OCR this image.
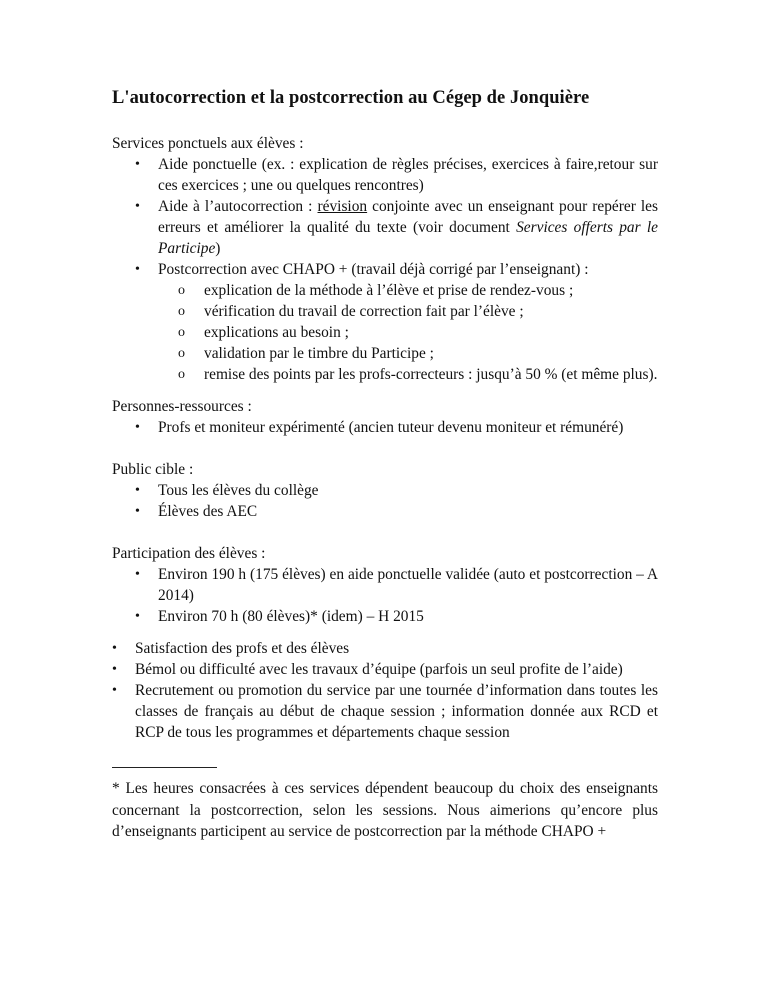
L'autocorrection et la postcorrection au Cégep de Jonquière

Services ponctuels aux élèves :

• Aide ponctuelle (ex. : explication de règles précises, exercices à faire,retour sur ces exercices ; une ou quelques rencontres)
• Aide à l’autocorrection : révision conjointe avec un enseignant pour repérer les erreurs et améliorer la qualité du texte (voir document Services offerts par le Participe)
• Postcorrection avec CHAPO + (travail déjà corrigé par l’enseignant) :
o explication de la méthode à l’élève et prise de rendez-vous ;
o vérification du travail de correction fait par l’élève ;
o explications au besoin ;
o validation par le timbre du Participe ;
o remise des points par les profs-correcteurs : jusqu’à 50 % (et même plus).

Personnes-ressources :

• Profs et moniteur expérimenté (ancien tuteur devenu moniteur et rémunéré)

Public cible :

• Tous les élèves du collège
• Élèves des AEC

Participation des élèves :

• Environ 190 h (175 élèves) en aide ponctuelle validée (auto et postcorrection – A 2014)
• Environ 70 h (80 élèves)* (idem) – H 2015
• Satisfaction des profs et des élèves
• Bémol ou difficulté avec les travaux d’équipe (parfois un seul profite de l’aide)
• Recrutement ou promotion du service par une tournée d’information dans toutes les classes de français au début de chaque session ; information donnée aux RCD et RCP de tous les programmes et départements chaque session

* Les heures consacrées à ces services dépendent beaucoup du choix des enseignants concernant la postcorrection, selon les sessions. Nous aimerions qu’encore plus d’enseignants participent au service de postcorrection par la méthode CHAPO +
